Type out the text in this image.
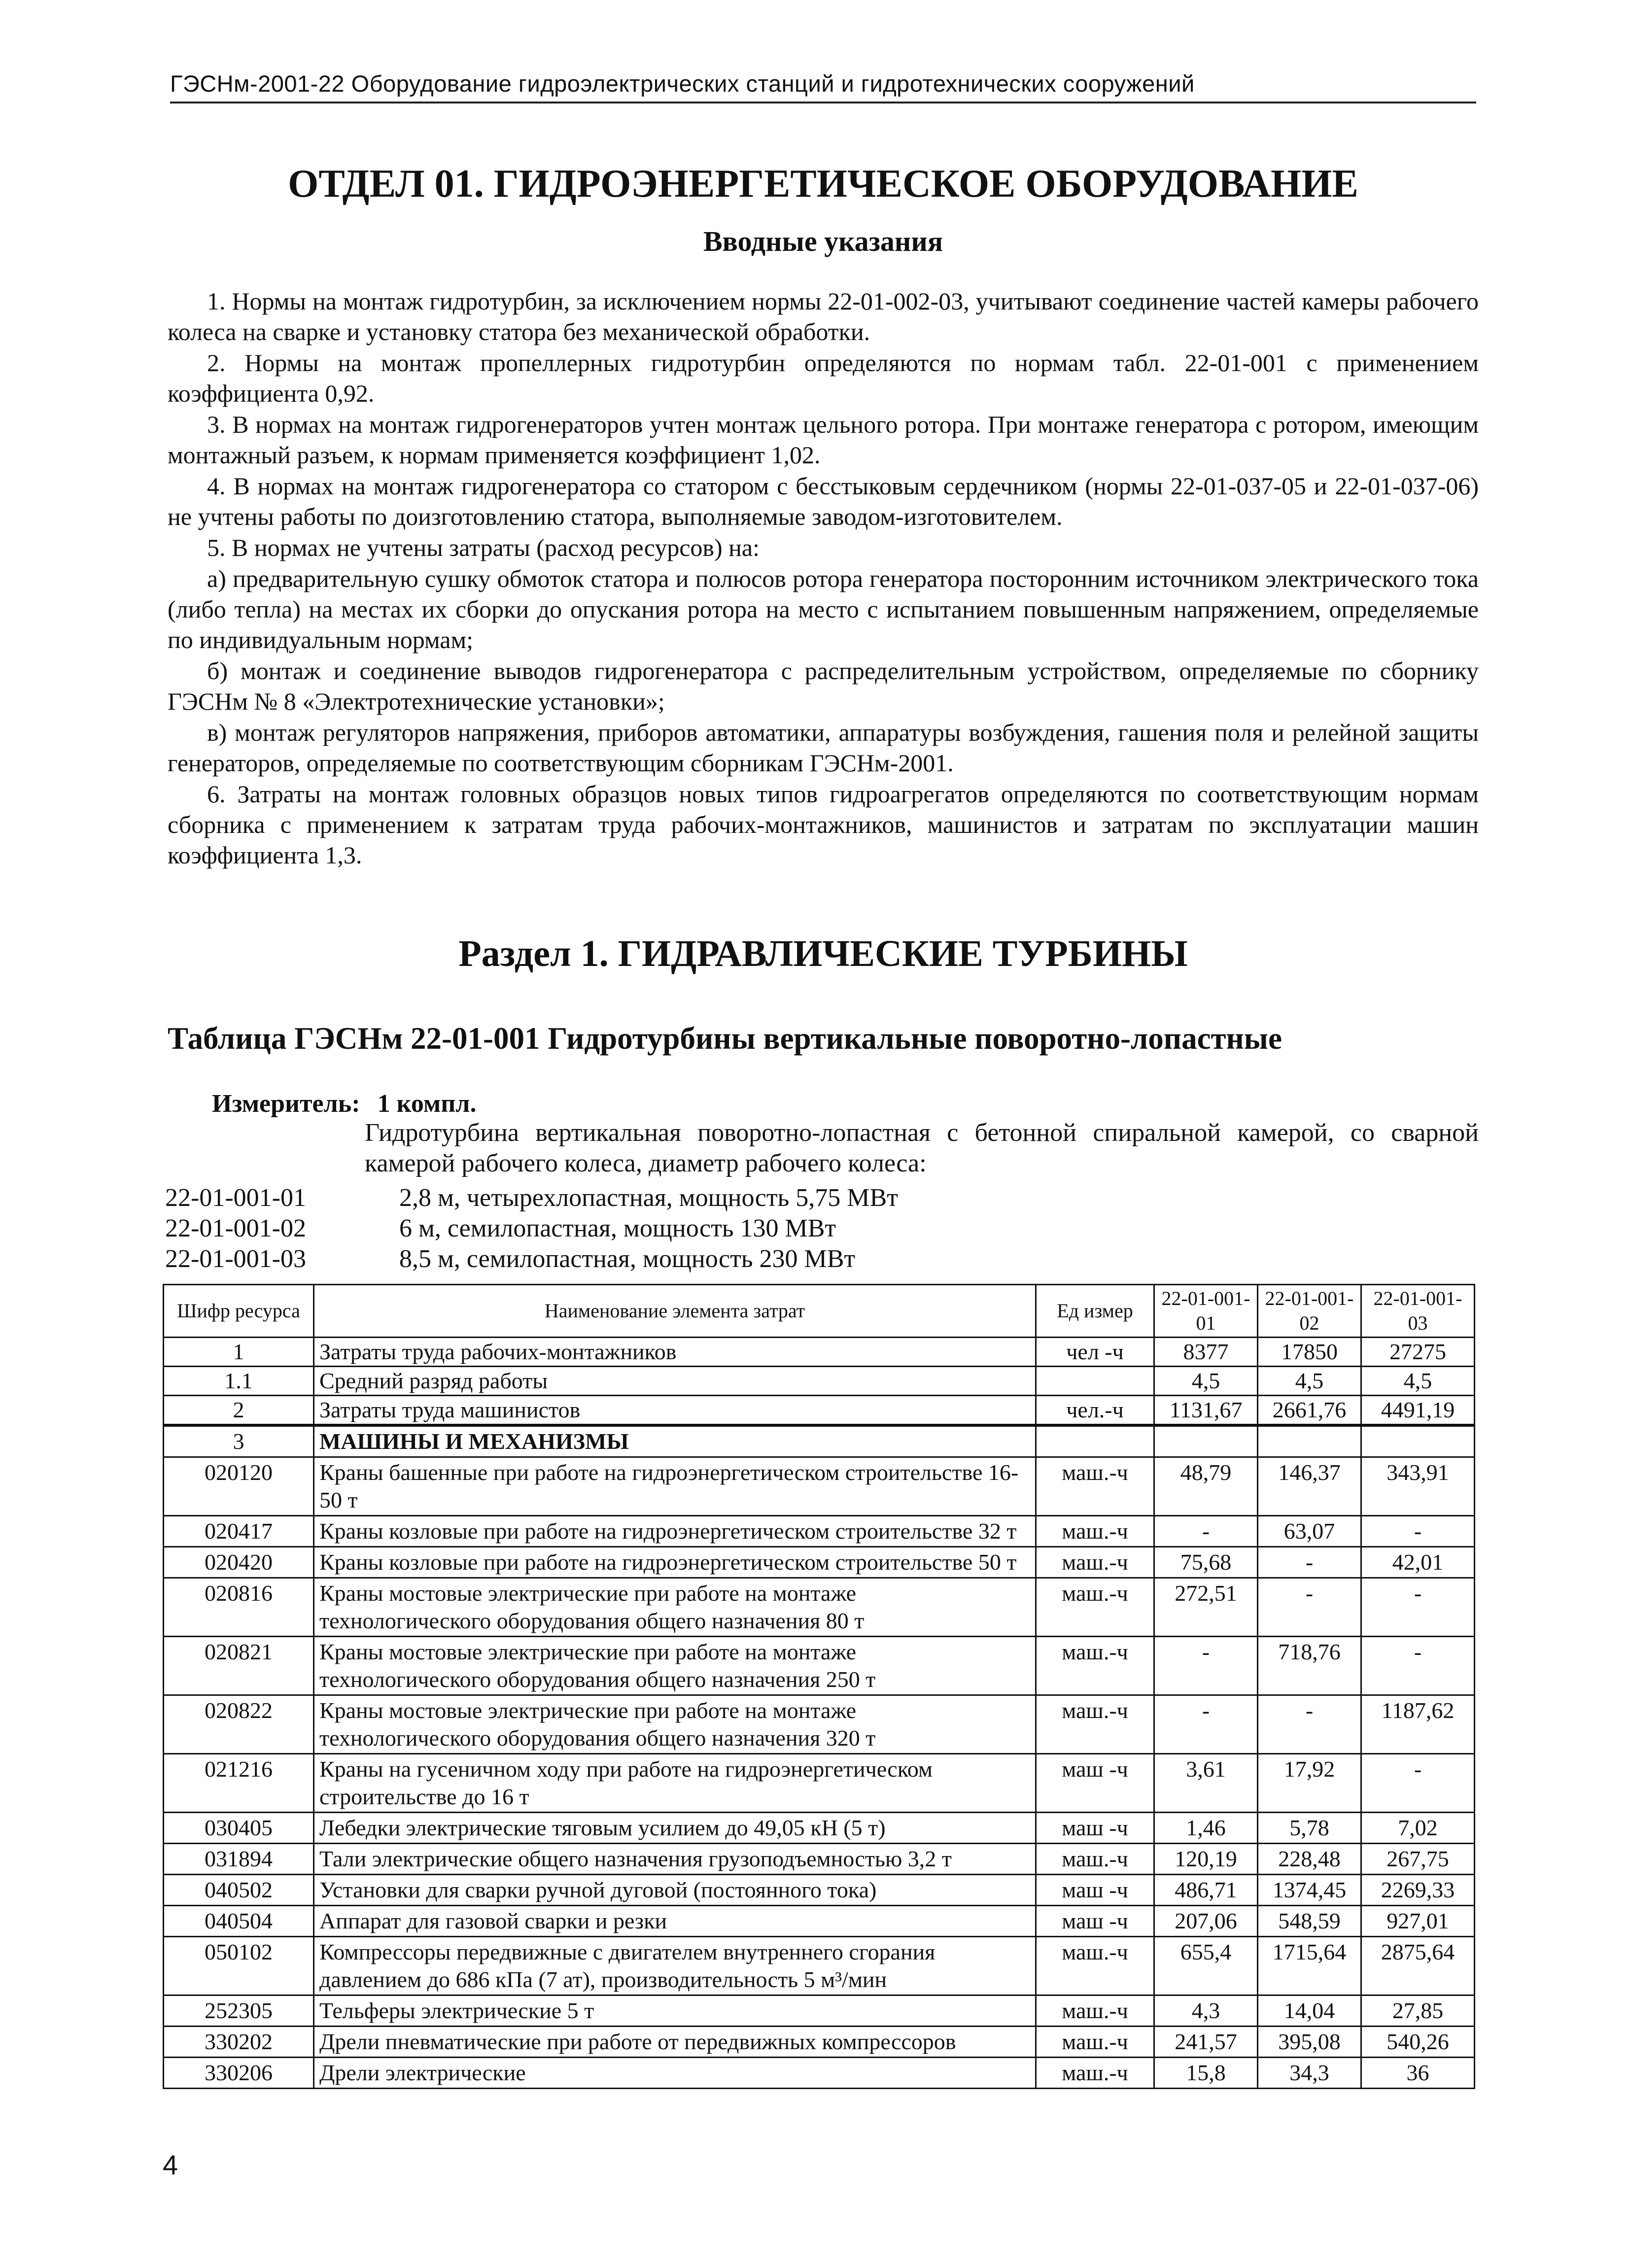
ГЭСНм-2001-22 Оборудование гидроэлектрических станций и гидротехнических сооружений
ОТДЕЛ 01. ГИДРОЭНЕРГЕТИЧЕСКОЕ ОБОРУДОВАНИЕ
Вводные указания

1. Нормы на монтаж гидротурбин, за исключением нормы 22-01-002-03, учитывают соединение частей камеры рабочего колеса на сварке и установку статора без механической обработки.

2. Нормы на монтаж пропеллерных гидротурбин определяются по нормам табл. 22-01-001 с применением коэффициента 0,92.

3. В нормах на монтаж гидрогенераторов учтен монтаж цельного ротора. При монтаже генератора с ротором, имеющим монтажный разъем, к нормам применяется коэффициент 1,02.

4. В нормах на монтаж гидрогенератора со статором с бесстыковым сердечником (нормы 22-01-037-05 и 22-01-037-06) не учтены работы по доизготовлению статора, выполняемые заводом-изготовителем.

5. В нормах не учтены затраты (расход ресурсов) на:

а) предварительную сушку обмоток статора и полюсов ротора генератора посторонним источником электрического тока (либо тепла) на местах их сборки до опускания ротора на место с испытанием повышенным напряжением, определяемые по индивидуальным нормам;

б) монтаж и соединение выводов гидрогенератора с распределительным устройством, определяемые по сборнику ГЭСНм № 8 «Электротехнические установки»;

в) монтаж регуляторов напряжения, приборов автоматики, аппаратуры возбуждения, гашения поля и релейной защиты генераторов, определяемые по соответствующим сборникам ГЭСНм-2001.

6. Затраты на монтаж головных образцов новых типов гидроагрегатов определяются по соответствующим нормам сборника с применением к затратам труда рабочих-монтажников, машинистов и затратам по эксплуатации машин коэффициента 1,3.

Раздел 1. ГИДРАВЛИЧЕСКИЕ ТУРБИНЫ
Таблица ГЭСНм 22-01-001 Гидротурбины вертикальные поворотно-лопастные
Измеритель: 1 компл.
Гидротурбина вертикальная поворотно-лопастная с бетонной спиральной камерой, со сварной камерой рабочего колеса, диаметр рабочего колеса:
22-01-001-01	2,8 м, четырехлопастная, мощность 5,75 МВт
22-01-001-02	6 м, семилопастная, мощность 130 МВт
22-01-001-03	8,5 м, семилопастная, мощность 230 МВт
Шифр ресурса	Наименование элемента затрат	Ед измер	22-01-001-01	22-01-001-02	22-01-001-03
1	Затраты труда рабочих-монтажников	чел -ч	8377	17850	27275
1.1	Средний разряд работы		4,5	4,5	4,5
2	Затраты труда машинистов	чел.-ч	1131,67	2661,76	4491,19
3	МАШИНЫ И МЕХАНИЗМЫ				
020120	Краны башенные при работе на гидроэнергетическом строительстве 16-50 т	маш.-ч	48,79	146,37	343,91
020417	Краны козловые при работе на гидроэнергетическом строительстве 32 т	маш.-ч	-	63,07	-
020420	Краны козловые при работе на гидроэнергетическом строительстве 50 т	маш.-ч	75,68	-	42,01
020816	Краны мостовые электрические при работе на монтаже технологического оборудования общего назначения 80 т	маш.-ч	272,51	-	-
020821	Краны мостовые электрические при работе на монтаже технологического оборудования общего назначения 250 т	маш.-ч	-	718,76	-
020822	Краны мостовые электрические при работе на монтаже технологического оборудования общего назначения 320 т	маш.-ч	-	-	1187,62
021216	Краны на гусеничном ходу при работе на гидроэнергетическом строительстве до 16 т	маш -ч	3,61	17,92	-
030405	Лебедки электрические тяговым усилием до 49,05 кН (5 т)	маш -ч	1,46	5,78	7,02
031894	Тали электрические общего назначения грузоподъемностью 3,2 т	маш.-ч	120,19	228,48	267,75
040502	Установки для сварки ручной дуговой (постоянного тока)	маш -ч	486,71	1374,45	2269,33
040504	Аппарат для газовой сварки и резки	маш -ч	207,06	548,59	927,01
050102	Компрессоры передвижные с двигателем внутреннего сгорания давлением до 686 кПа (7 ат), производительность 5 м³/мин	маш.-ч	655,4	1715,64	2875,64
252305	Тельферы электрические 5 т	маш.-ч	4,3	14,04	27,85
330202	Дрели пневматические при работе от передвижных компрессоров	маш.-ч	241,57	395,08	540,26
330206	Дрели электрические	маш.-ч	15,8	34,3	36
4
